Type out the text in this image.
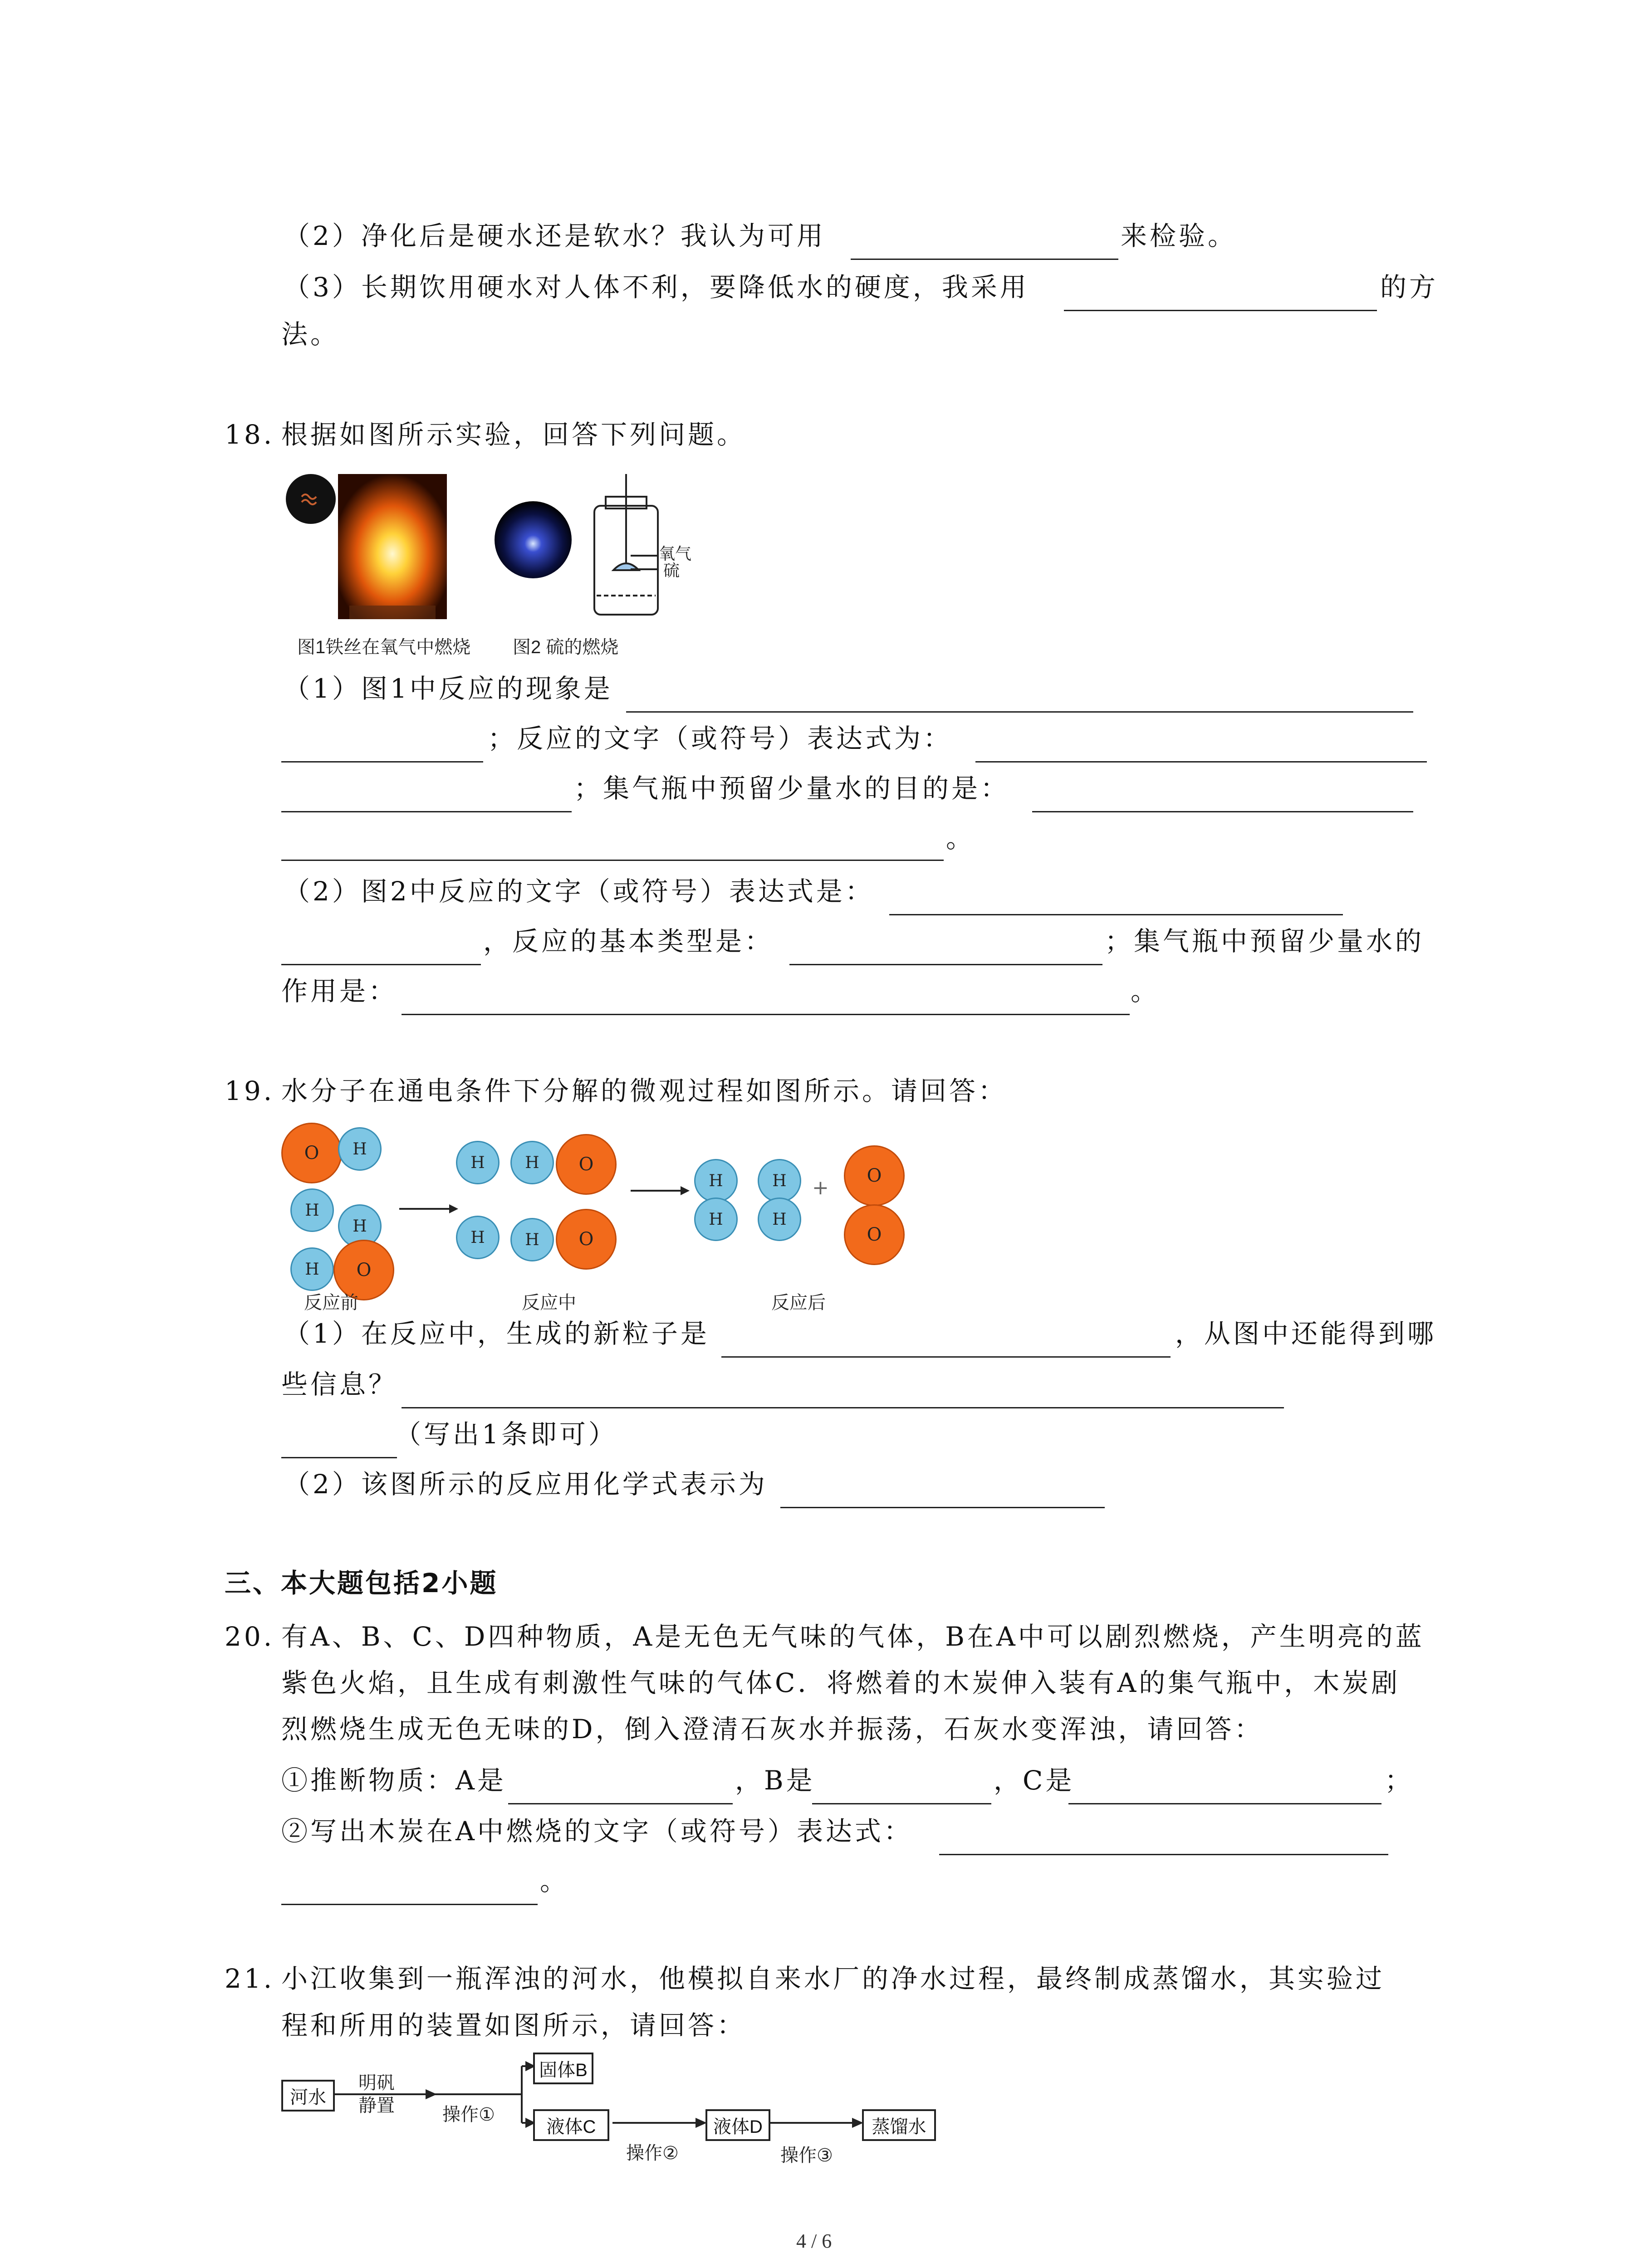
（2）净化后是硬水还是软水？我认为可用	来检验。
（3）长期饮用硬水对人体不利，要降低水的硬度，我采用	的方
法。
18. 根据如图所示实验，回答下列问题。
氧气
硫
图1铁丝在氧气中燃烧 图2 硫的燃烧
（1）图1中反应的现象是
；反应的文字（或符号）表达式为：
；集气瓶中预留少量水的目的是：
。
（2）图2中反应的文字（或符号）表达式是：
，反应的基本类型是：	；集气瓶中预留少量水的
作用是：	。
19. 水分子在通电条件下分解的微观过程如图所示。请回答：
O	H
H
H
H	O
H	H	O
H	H	O
H
H
H
H
+
O
O
反应前	反应中	反应后
（1）在反应中，生成的新粒子是	，从图中还能得到哪
些信息？
（写出1条即可）
（2）该图所示的反应用化学式表示为
三、本大题包括2小题
20. 有A、B、C、D四种物质，A是无色无气味的气体，B在A中可以剧烈燃烧，产生明亮的蓝
紫色火焰，且生成有刺激性气味的气体C．将燃着的木炭伸入装有A的集气瓶中，木炭剧
烈燃烧生成无色无味的D，倒入澄清石灰水并振荡，石灰水变浑浊，请回答：
①推断物质：A是	，B是	，C是	；
②写出木炭在A中燃烧的文字（或符号）表达式：
。
21. 小江收集到一瓶浑浊的河水，他模拟自来水厂的净水过程，最终制成蒸馏水，其实验过
程和所用的装置如图所示，请回答：
河水
明矾
静置	操作①
固体B
液体C
操作②
液体D
操作③
蒸馏水
4 / 6
